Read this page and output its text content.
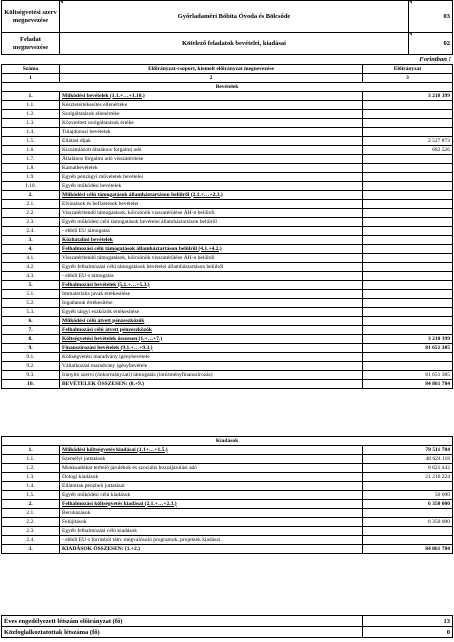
Költségvetési szerv megnevezése	Győrladaméri Bóbita Óvoda és Bölcsőde	03
Feladat megnevezése	Kötelező feladatok bevételei, kiadásai	02
Forintban !
Száma	Előirányzat-csoport, kiemelt előirányzat megnevezése	Előirányzat
1	2	3
Bevételek		
1.	Működési bevételek (1.1.+…+1.10.)	3 210 399
1.1.	Készletértékesítés ellenértéke	
1.2.	Szolgáltatások ellenértéke	
1.3.	Közvetített szolgáltatások értéke	
1.4.	Tulajdonosi bevételek	
1.5.	Ellátási díjak	2 527 873
1.6.	Kiszámlázott általános forgalmi adó	682 526
1.7.	Általános forgalmi adó visszatérítése	
1.8.	Kamatbevételek	
1.9.	Egyéb pénzügyi műveletek bevételei	
1.10.	Egyéb működési bevételek	
2.	Működési célú támogatások államháztartáson belülről (2.1.+…+2.3.)	
2.1.	Elvonások és befizetések bevételei	
2.2.	Visszatérítendő támogatások, kölcsönök visszatérülése ÁH-n belülről	
2.3.	Egyéb működési célú támogatások bevételei államháztartáson belülről	
2.4.	- ebből EU támogatás	
3.	Közhatalmi bevételek	
4.	Felhalmozási célú támogatások államháztartáson belülről (4.1.+4.2.)	
4.1.	Visszatérítendő támogatások, kölcsönök visszatérülése ÁH-n belülről	
4.2.	Egyéb felhalmozási célú támogatások bevételei államháztartáson belülről	
4.3.	- ebből EU-s támogatás	
5.	Felhalmozási bevételek (5.1.+…+5.3.)	
5.1.	Immateriális javak értékesítése	
5.2.	Ingatlanok értékesítése	
5.3.	Egyéb tárgyi eszközök értékesítése	
6.	Működési célú átvett pénzeszközök	
7.	Felhalmozási célú átvett pénzeszközök	
8.	Költségvetési bevételek összesen (1.+…+7.)	3 210 399
9.	Finanszírozási bevételek (9.1.+…+9.3.)	81 651 385
9.1.	Költségvetési maradvány igénybevétele	
9.2.	Vállalkozási maradvány igénybevétele	
9.3.	Irányító szervi (önkormányzati) támogatás (intézményfinanszírozás)	81 651 385
10.	BEVÉTELEK ÖSSZESEN: (8.+9.)	84 861 784
Kiadások		
1.	Működési költségvetés kiadásai (1.1+…+1.5.)	78 511 784
1.1.	Személyi juttatások	48 624 118
1.2.	Munkaadókat terhelő járulékok és szociális hozzájárulási adó	8 621 442
1.3.	Dologi kiadások	21 216 224
1.4.	Ellátottak pénzbeli juttatásai	
1.5.	Egyéb működési célú kiadások	50 000
2.	Felhalmozási költségvetés kiadásai (2.1.+…+2.3.)	6 350 000
2.1.	Beruházások	
2.2.	Felújítások	6 350 000
2.3.	Egyéb felhalmozási célú kiadások	
2.4.	- ebből EU-s forrásból tám. megvalósuló programok, projektek kiadásai	
3.	KIADÁSOK ÖSSZESEN: (1.+2.)	84 861 784
Éves engedélyezett létszám előirányzat (fő)	13
Közfoglalkoztatottak létszáma (fő)	0
